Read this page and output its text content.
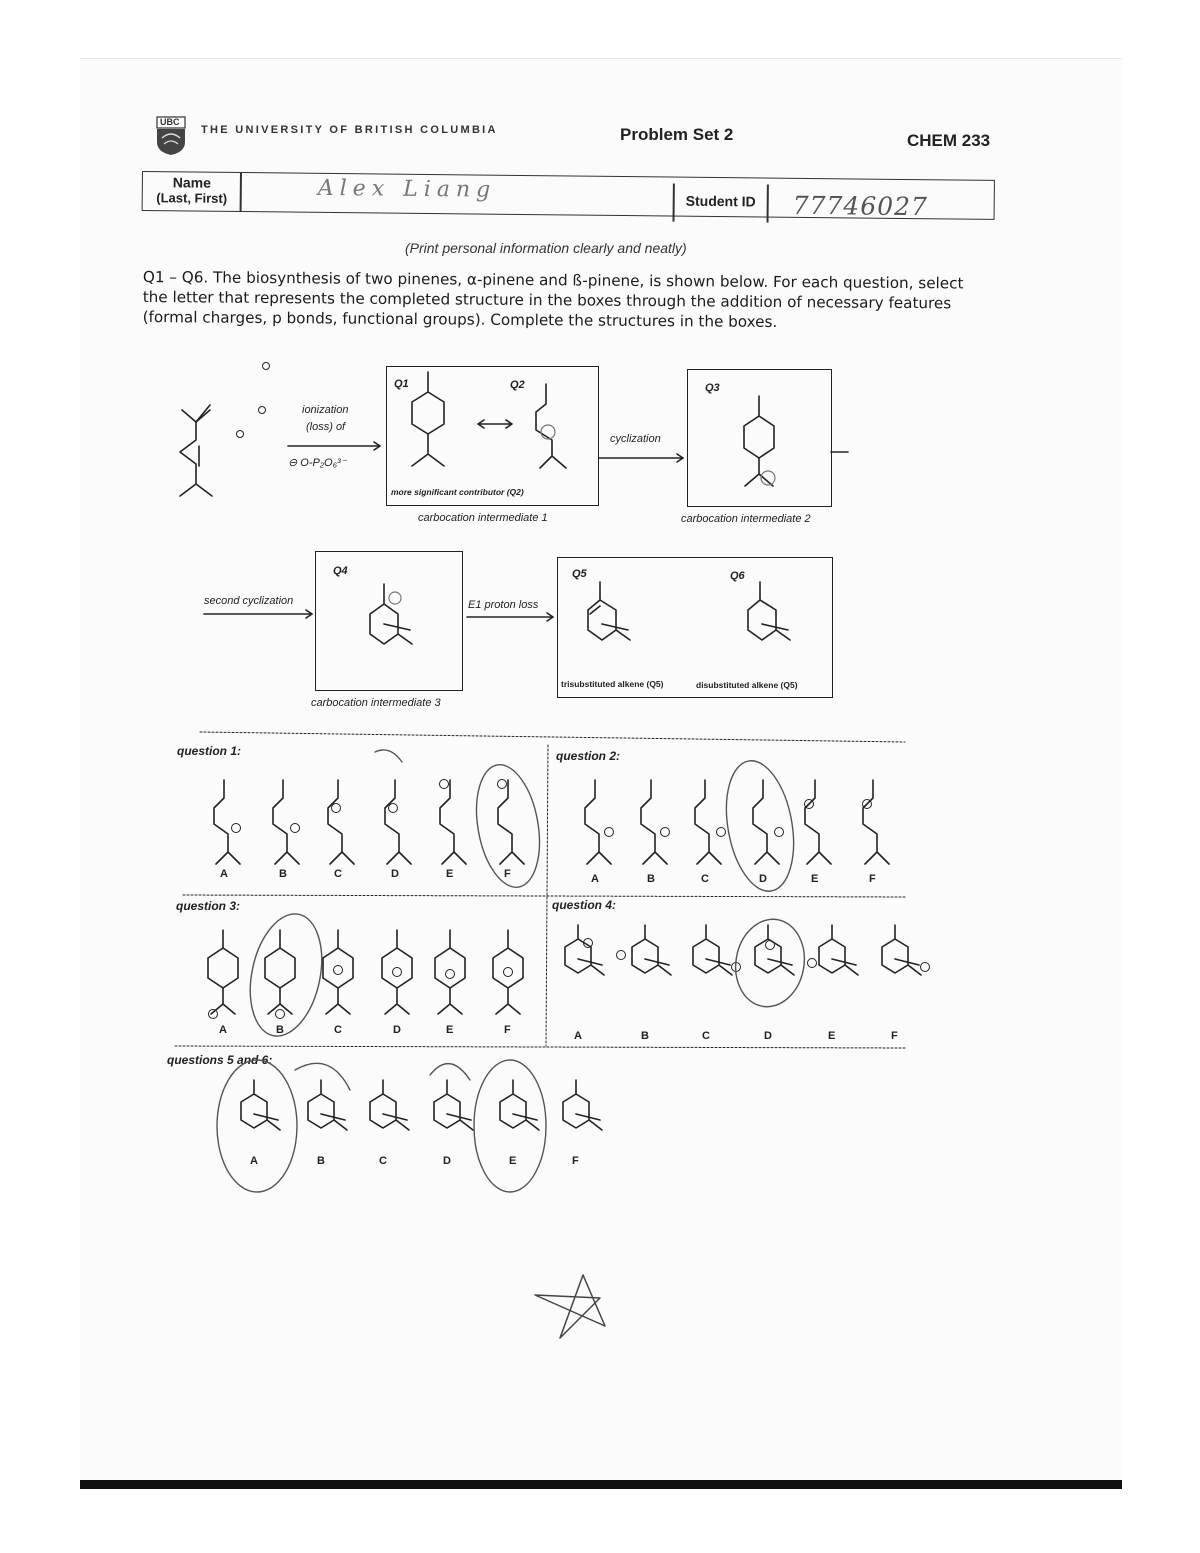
UBC
THE UNIVERSITY OF BRITISH COLUMBIA	Problem Set 2	CHEM 233
Name
(Last, First)	Alex Liang	Student ID	77746027
(Print personal information clearly and neatly)
Q1 – Q6. The biosynthesis of two pinenes, α-pinene and ß-pinene, is shown below. For each question, select
the letter that represents the completed structure in the boxes through the addition of necessary features
(formal charges, p bonds, functional groups). Complete the structures in the boxes.
ionization
(loss) of
⊖ O-P₂O₆³⁻
Q1	Q2	Q3
Q4	Q5	Q6
more significant contributor (Q2)
carbocation intermediate 1
cyclization
carbocation intermediate 2
second cyclization
carbocation intermediate 3
E1 proton loss
trisubstituted alkene (Q5)	disubstituted alkene (Q5)
question 1:	question 2:
question 3:	question 4:
questions 5 and 6:
A	B	C	D	E	F	A	B	C	D	E	F
A	B	C	D	E	F	A	B	C	D	E	F
A	B	C	D	E	F
